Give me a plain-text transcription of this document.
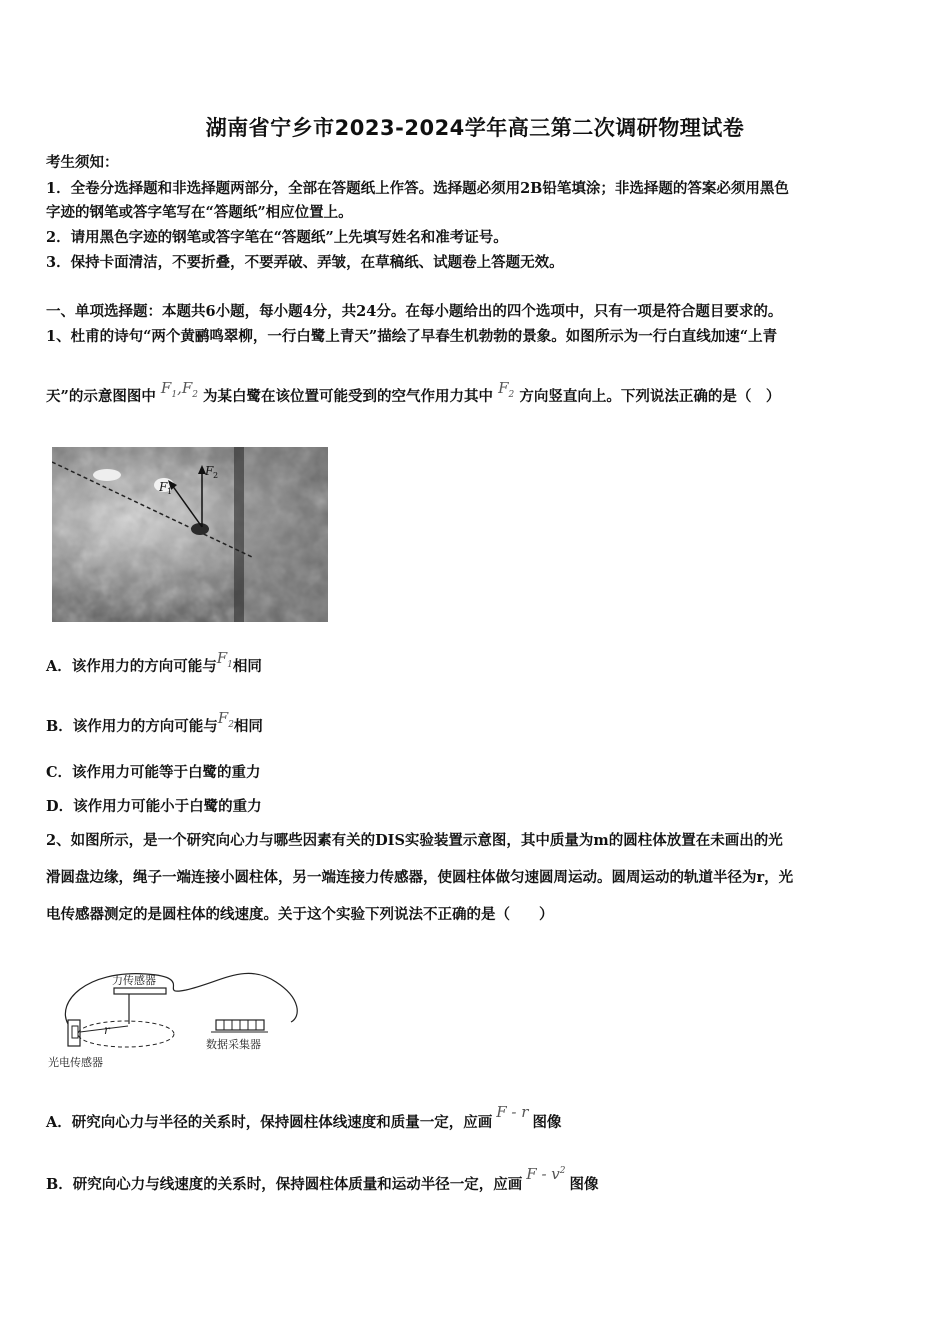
湖南省宁乡市2023-2024学年高三第二次调研物理试卷
考生须知：
1．全卷分选择题和非选择题两部分，全部在答题纸上作答。选择题必须用2B铅笔填涂；非选择题的答案必须用黑色
字迹的钢笔或答字笔写在“答题纸”相应位置上。
2．请用黑色字迹的钢笔或答字笔在“答题纸”上先填写姓名和准考证号。
3．保持卡面清洁，不要折叠，不要弄破、弄皱，在草稿纸、试题卷上答题无效。
一、单项选择题：本题共6小题，每小题4分，共24分。在每小题给出的四个选项中，只有一项是符合题目要求的。
1、杜甫的诗句“两个黄鹂鸣翠柳，一行白鹭上青天”描绘了早春生机勃勃的景象。如图所示为一行白直线加速“上青
天”的示意图图中 $F_1,F_2$ 为某白鹭在该位置可能受到的空气作用力其中 $F_2$ 方向竖直向上。下列说法正确的是（　）
F 1
F 2
A．该作用力的方向可能与$F_1$相同
B．该作用力的方向可能与$F_2$相同
C．该作用力可能等于白鹭的重力
D．该作用力可能小于白鹭的重力
2、如图所示，是一个研究向心力与哪些因素有关的DIS实验装置示意图，其中质量为m的圆柱体放置在未画出的光
滑圆盘边缘，绳子一端连接小圆柱体，另一端连接力传感器，使圆柱体做匀速圆周运动。圆周运动的轨道半径为r，光
电传感器测定的是圆柱体的线速度。关于这个实验下列说法不正确的是（　　）
力传感器
数据采集器
光电传感器
r
A．研究向心力与半径的关系时，保持圆柱体线速度和质量一定，应画F - r图像
B．研究向心力与线速度的关系时，保持圆柱体质量和运动半径一定，应画F - $v^2$图像
